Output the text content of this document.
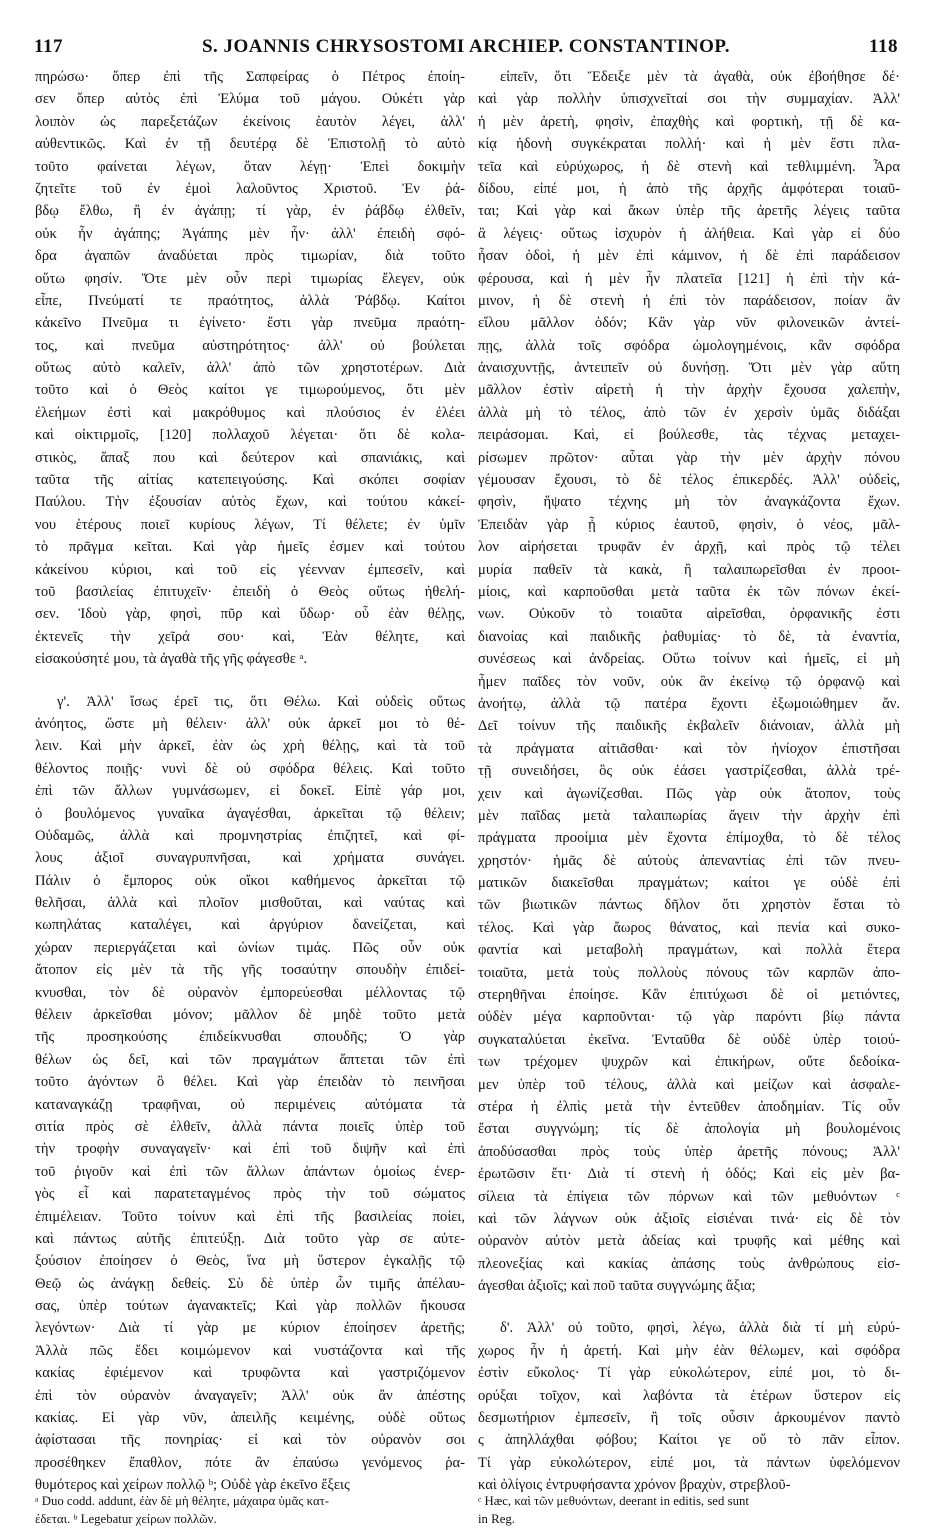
117	S. JOANNIS CHRYSOSTOMI ARCHIEP. CONSTANTINOP.	118
πηρώσω· ὅπερ ἐπὶ τῆς Σαπφείρας ὁ Πέτρος ἐποίη-
σεν ὅπερ αὐτὸς ἐπὶ Ἐλύμα τοῦ μάγου. Οὐκέτι γὰρ
λοιπὸν ὡς παρεξετάζων ἐκείνοις ἑαυτὸν λέγει, ἀλλ'
αὐθεντικῶς. Καὶ ἐν τῇ δευτέρᾳ δὲ Ἐπιστολῇ τὸ αὐτὸ
τοῦτο φαίνεται λέγων, ὅταν λέγῃ· Ἐπεὶ δοκιμὴν
ζητεῖτε τοῦ ἐν ἐμοὶ λαλοῦντος Χριστοῦ. Ἐν ῥά-
βδῳ ἔλθω, ἢ ἐν ἀγάπῃ; τί γὰρ, ἐν ῥάβδῳ ἐλθεῖν,
οὐκ ἦν ἀγάπης; Ἀγάπης μὲν ἦν· ἀλλ' ἐπειδὴ σφό-
δρα ἀγαπῶν ἀναδύεται πρὸς τιμωρίαν, διὰ τοῦτο
οὕτω φησίν. Ὅτε μὲν οὖν περὶ τιμωρίας ἔλεγεν, οὐκ
εἶπε, Πνεύματί τε πραότητος, ἀλλὰ Ῥάβδῳ. Καίτοι
κἀκεῖνο Πνεῦμα τι ἐγίνετο· ἔστι γὰρ πνεῦμα πραότη-
τος, καὶ πνεῦμα αὐστηρότητος· ἀλλ' οὐ βούλεται
οὕτως αὐτὸ καλεῖν, ἀλλ' ἀπὸ τῶν χρηστοτέρων. Διὰ
τοῦτο καὶ ὁ Θεὸς καίτοι γε τιμωρούμενος, ὅτι μὲν
ἐλεήμων ἐστὶ καὶ μακρόθυμος καὶ πλούσιος ἐν ἐλέει
καὶ οἰκτιρμοῖς, [120] πολλαχοῦ λέγεται· ὅτι δὲ κολα-
στικὸς, ἅπαξ που καὶ δεύτερον καὶ σπανιάκις, καὶ
ταῦτα τῆς αἰτίας κατεπειγούσης. Καὶ σκόπει σοφίαν
Παύλου. Τὴν ἐξουσίαν αὐτὸς ἔχων, καὶ τούτου κἀκεί-
νου ἑτέρους ποιεῖ κυρίους λέγων, Τί θέλετε; ἐν ὑμῖν
τὸ πρᾶγμα κεῖται. Καὶ γὰρ ἡμεῖς ἐσμεν καὶ τούτου
κἀκείνου κύριοι, καὶ τοῦ εἰς γέενναν ἐμπεσεῖν, καὶ
τοῦ βασιλείας ἐπιτυχεῖν· ἐπειδὴ ὁ Θεὸς οὕτως ἠθελή-
σεν. Ἰδοὺ γὰρ, φησὶ, πῦρ καὶ ὕδωρ· οὗ ἐὰν θέλῃς,
ἐκτενεῖς τὴν χεῖρά σου· καὶ, Ἐὰν θέλητε, καὶ
εἰσακούσητέ μου, τὰ ἀγαθὰ τῆς γῆς φάγεσθε ᵃ.
γ'. Ἀλλ' ἴσως ἐρεῖ τις, ὅτι Θέλω. Καὶ οὐδεὶς οὕτως
ἀνόητος, ὥστε μὴ θέλειν· ἀλλ' οὐκ ἀρκεῖ μοι τὸ θέ-
λειν. Καὶ μὴν ἀρκεῖ, ἐὰν ὡς χρὴ θέλῃς, καὶ τὰ τοῦ
θέλοντος ποιῇς· νυνὶ δὲ οὐ σφόδρα θέλεις. Καὶ τοῦτο
ἐπὶ τῶν ἄλλων γυμνάσωμεν, εἰ δοκεῖ. Εἰπὲ γάρ μοι,
ὁ βουλόμενος γυναῖκα ἀγαγέσθαι, ἀρκεῖται τῷ θέλειν;
Οὐδαμῶς, ἀλλὰ καὶ προμνηστρίας ἐπιζητεῖ, καὶ φί-
λους ἀξιοῖ συναγρυπνῆσαι, καὶ χρήματα συνάγει.
Πάλιν ὁ ἔμπορος οὐκ οἴκοι καθήμενος ἀρκεῖται τῷ
θελῆσαι, ἀλλὰ καὶ πλοῖον μισθοῦται, καὶ ναύτας καὶ
κωπηλάτας καταλέγει, καὶ ἀργύριον δανείζεται, καὶ
χώραν περιεργάζεται καὶ ὠνίων τιμάς. Πῶς οὖν οὐκ
ἄτοπον εἰς μὲν τὰ τῆς γῆς τοσαύτην σπουδὴν ἐπιδεί-
κνυσθαι, τὸν δὲ οὐρανὸν ἐμπορεύεσθαι μέλλοντας τῷ
θέλειν ἀρκεῖσθαι μόνον; μᾶλλον δὲ μηδὲ τοῦτο μετὰ
τῆς προσηκούσης ἐπιδείκνυσθαι σπουδῆς; Ὁ γὰρ
θέλων ὡς δεῖ, καὶ τῶν πραγμάτων ἅπτεται τῶν ἐπὶ
τοῦτο ἀγόντων ὃ θέλει. Καὶ γὰρ ἐπειδὰν τὸ πεινῆσαι
καταναγκάζῃ τραφῆναι, οὐ περιμένεις αὐτόματα τὰ
σιτία πρὸς σὲ ἐλθεῖν, ἀλλὰ πάντα ποιεῖς ὑπὲρ τοῦ
τὴν τροφὴν συναγαγεῖν· καὶ ἐπὶ τοῦ διψῆν καὶ ἐπὶ
τοῦ ῥιγοῦν καὶ ἐπὶ τῶν ἄλλων ἁπάντων ὁμοίως ἐνερ-
γὸς εἶ καὶ παρατεταγμένος πρὸς τὴν τοῦ σώματος
ἐπιμέλειαν. Τοῦτο τοίνυν καὶ ἐπὶ τῆς βασιλείας ποίει,
καὶ πάντως αὐτῆς ἐπιτεύξῃ. Διὰ τοῦτο γὰρ σε αὐτε-
ξούσιον ἐποίησεν ὁ Θεὸς, ἵνα μὴ ὕστερον ἐγκαλῇς τῷ
Θεῷ ὡς ἀνάγκῃ δεθείς. Σὺ δὲ ὑπὲρ ὧν τιμῆς ἀπέλαυ-
σας, ὑπὲρ τούτων ἀγανακτεῖς; Καὶ γὰρ πολλῶν ἤκουσα
λεγόντων· Διὰ τί γὰρ με κύριον ἐποίησεν ἀρετῆς;
Ἀλλὰ πῶς ἔδει κοιμώμενον καὶ νυστάζοντα καὶ τῆς
κακίας ἐφιέμενον καὶ τρυφῶντα καὶ γαστριζόμενον
ἐπὶ τὸν οὐρανὸν ἀναγαγεῖν; Ἀλλ' οὐκ ἂν ἀπέστης
κακίας. Εἰ γὰρ νῦν, ἀπειλῆς κειμένης, οὐδὲ οὕτως
ἀφίστασαι τῆς πονηρίας· εἰ καὶ τὸν οὐρανὸν σοι
προσέθηκεν ἔπαθλον, πότε ἂν ἐπαύσω γενόμενος ῥα-
θυμότερος καὶ χείρων πολλῷ ᵇ; Οὐδὲ γὰρ ἐκεῖνο ἔξεις
εἰπεῖν, ὅτι Ἔδειξε μὲν τὰ ἀγαθὰ, οὐκ ἐβοήθησε δέ·
καὶ γὰρ πολλὴν ὑπισχνεῖταί σοι τὴν συμμαχίαν. Ἀλλ'
ἡ μὲν ἀρετὴ, φησὶν, ἐπαχθὴς καὶ φορτικὴ, τῇ δὲ κα-
κίᾳ ἡδονὴ συγκέκραται πολλή· καὶ ἡ μὲν ἔστι πλα-
τεῖα καὶ εὐρύχωρος, ἡ δὲ στενὴ καὶ τεθλιμμένη. Ἆρα
δίδου, εἰπέ μοι, ἡ ἀπὸ τῆς ἀρχῆς ἀμφότεραι τοιαῦ-
ται; Καὶ γὰρ καὶ ἄκων ὑπὲρ τῆς ἀρετῆς λέγεις ταῦτα
ἃ λέγεις· οὕτως ἰσχυρὸν ἡ ἀλήθεια. Καὶ γὰρ εἰ δύο
ἦσαν ὁδοὶ, ἡ μὲν ἐπὶ κάμινον, ἡ δὲ ἐπὶ παράδεισον
φέρουσα, καὶ ἡ μὲν ἦν πλατεῖα [121] ἡ ἐπὶ τὴν κά-
μινον, ἡ δὲ στενὴ ἡ ἐπὶ τὸν παράδεισον, ποίαν ἂν
εἵλου μᾶλλον ὁδόν; Κἂν γὰρ νῦν φιλονεικῶν ἀντεί-
πῃς, ἀλλὰ τοῖς σφόδρα ὡμολογημένοις, κἂν σφόδρα
ἀναισχυντῇς, ἀντειπεῖν οὐ δυνήσῃ. Ὅτι μὲν γὰρ αὕτη
μᾶλλον ἐστὶν αἱρετὴ ἡ τὴν ἀρχὴν ἔχουσα χαλεπὴν,
ἀλλὰ μὴ τὸ τέλος, ἀπὸ τῶν ἐν χερσὶν ὑμᾶς διδάξαι
πειράσομαι. Καὶ, εἰ βούλεσθε, τὰς τέχνας μεταχει-
ρίσωμεν πρῶτον· αὗται γὰρ τὴν μὲν ἀρχὴν πόνου
γέμουσαν ἔχουσι, τὸ δὲ τέλος ἐπικερδές. Ἀλλ' οὐδεὶς,
φησὶν, ἥψατο τέχνης μὴ τὸν ἀναγκάζοντα ἔχων.
Ἐπειδὰν γὰρ ᾖ κύριος ἑαυτοῦ, φησὶν, ὁ νέος, μᾶλ-
λον αἱρήσεται τρυφᾶν ἐν ἀρχῇ, καὶ πρὸς τῷ τέλει
μυρία παθεῖν τὰ κακὰ, ἢ ταλαιπωρεῖσθαι ἐν προοι-
μίοις, καὶ καρποῦσθαι μετὰ ταῦτα ἐκ τῶν πόνων ἐκεί-
νων. Οὐκοῦν τὸ τοιαῦτα αἱρεῖσθαι, ὀρφανικῆς ἐστι
διανοίας καὶ παιδικῆς ῥαθυμίας· τὸ δὲ, τὰ ἐναντία,
συνέσεως καὶ ἀνδρείας. Οὕτω τοίνυν καὶ ἡμεῖς, εἰ μὴ
ἦμεν παῖδες τὸν νοῦν, οὐκ ἂν ἐκείνῳ τῷ ὀρφανῷ καὶ
ἀνοήτῳ, ἀλλὰ τῷ πατέρα ἔχοντι ἐξωμοιώθημεν ἄν.
Δεῖ τοίνυν τῆς παιδικῆς ἐκβαλεῖν διάνοιαν, ἀλλὰ μὴ
τὰ πράγματα αἰτιᾶσθαι· καὶ τὸν ἡνίοχον ἐπιστῆσαι
τῇ συνειδήσει, ὃς οὐκ ἐάσει γαστρίζεσθαι, ἀλλὰ τρέ-
χειν καὶ ἀγωνίζεσθαι. Πῶς γὰρ οὐκ ἄτοπον, τοὺς
μὲν παῖδας μετὰ ταλαιπωρίας ἄγειν τὴν ἀρχὴν ἐπὶ
πράγματα προοίμια μὲν ἔχοντα ἐπίμοχθα, τὸ δὲ τέλος
χρηστόν· ἡμᾶς δὲ αὐτοὺς ἀπεναντίας ἐπὶ τῶν πνευ-
ματικῶν διακεῖσθαι πραγμάτων; καίτοι γε οὐδὲ ἐπὶ
τῶν βιωτικῶν πάντως δῆλον ὅτι χρηστὸν ἔσται τὸ
τέλος. Καὶ γὰρ ἄωρος θάνατος, καὶ πενία καὶ συκο-
φαντία καὶ μεταβολὴ πραγμάτων, καὶ πολλὰ ἕτερα
τοιαῦτα, μετὰ τοὺς πολλοὺς πόνους τῶν καρπῶν ἀπο-
στερηθῆναι ἐποίησε. Κἂν ἐπιτύχωσι δὲ οἱ μετιόντες,
οὐδὲν μέγα καρποῦνται· τῷ γὰρ παρόντι βίῳ πάντα
συγκαταλύεται ἐκεῖνα. Ἐνταῦθα δὲ οὐδὲ ὑπὲρ τοιού-
των τρέχομεν ψυχρῶν καὶ ἐπικήρων, οὔτε δεδοίκα-
μεν ὑπὲρ τοῦ τέλους, ἀλλὰ καὶ μείζων καὶ ἀσφαλε-
στέρα ἡ ἐλπὶς μετὰ τὴν ἐντεῦθεν ἀποδημίαν. Τίς οὖν
ἔσται συγγνώμη; τίς δὲ ἀπολογία μὴ βουλομένοις
ἀποδύσασθαι πρὸς τοὺς ὑπὲρ ἀρετῆς πόνους; Ἀλλ'
ἐρωτῶσιν ἔτι· Διὰ τί στενὴ ἡ ὁδός; Καὶ εἰς μὲν βα-
σίλεια τὰ ἐπίγεια τῶν πόρνων καὶ τῶν μεθυόντων ᶜ
καὶ τῶν λάγνων οὐκ ἀξιοῖς εἰσιέναι τινά· εἰς δὲ τὸν
οὐρανὸν αὐτὸν μετὰ ἀδείας καὶ τρυφῆς καὶ μέθης καὶ
πλεονεξίας καὶ κακίας ἁπάσης τοὺς ἀνθρώπους εἰσ-
άγεσθαι ἀξιοῖς; καὶ ποῦ ταῦτα συγγνώμης ἄξια;
δ'. Ἀλλ' οὐ τοῦτο, φησὶ, λέγω, ἀλλὰ διὰ τί μὴ εὐρύ-
χωρος ἦν ἡ ἀρετή. Καὶ μὴν ἐὰν θέλωμεν, καὶ σφόδρα
ἐστὶν εὔκολος· Τί γὰρ εὐκολώτερον, εἰπέ μοι, τὸ δι-
ορύξαι τοῖχον, καὶ λαβόντα τὰ ἑτέρων ὕστερον εἰς
δεσμωτήριον ἐμπεσεῖν, ἢ τοῖς οὖσιν ἀρκουμένον παντὸ
ς ἀπηλλάχθαι φόβου; Καίτοι γε οὔ τὸ πᾶν εἶπον.
Τί γὰρ εὐκολώτερον, εἰπέ μοι, τὰ πάντων ὑφελόμενον
καὶ ὀλίγοις ἐντρυφήσαντα χρόνον βραχὺν, στρεβλοῦ-
ᵃ Duo codd. addunt, ἐὰν δὲ μὴ θέλητε, μάχαιρα ὑμᾶς κατ-
έδεται. ᵇ Legebatur χείρων πολλῶν.
ᶜ Hæc, καὶ τῶν μεθυόντων, deerant in editis, sed sunt
in Reg.
